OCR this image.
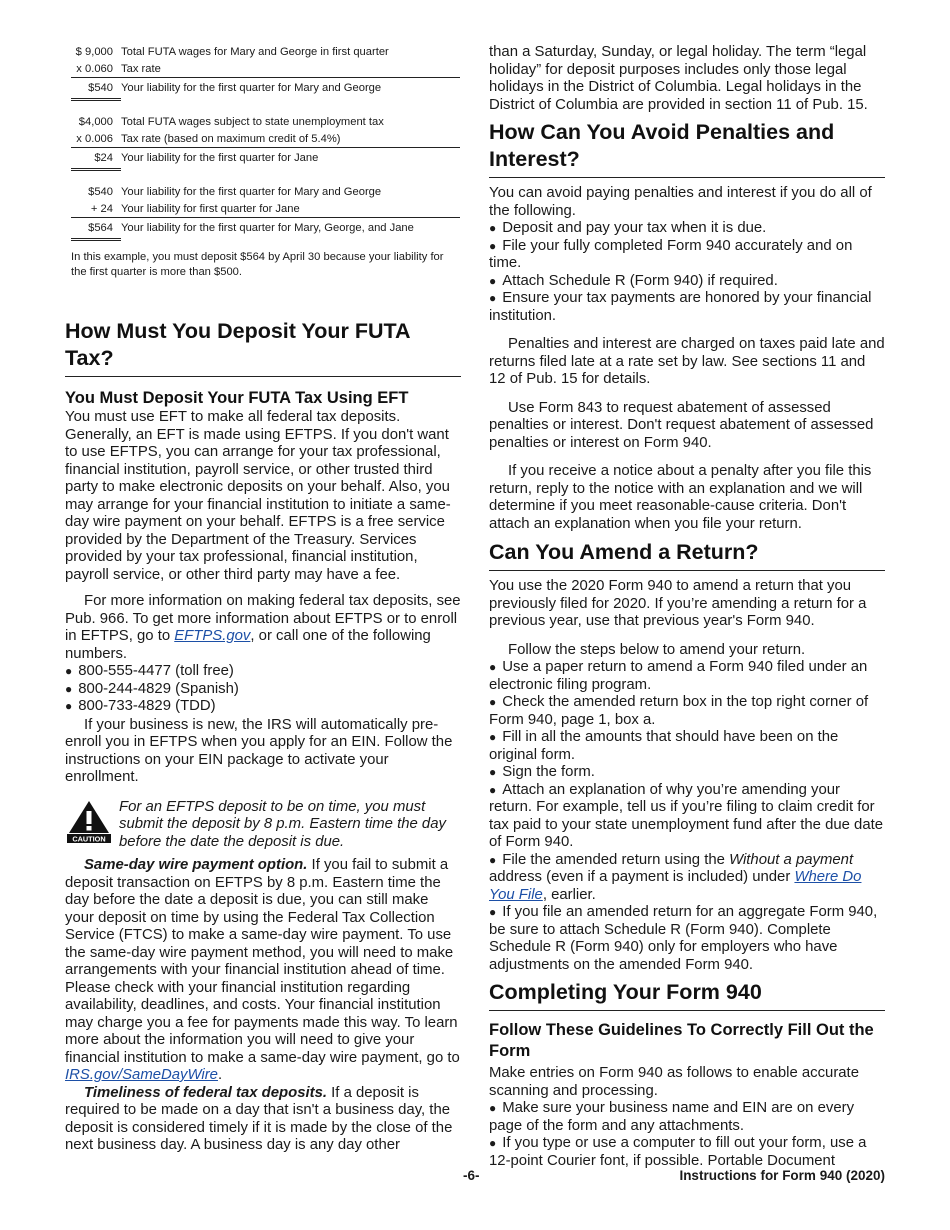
$ 9,000 Total FUTA wages for Mary and George in first quarter
x 0.060 Tax rate
$540 Your liability for the first quarter for Mary and George
$4,000 Total FUTA wages subject to state unemployment tax
x 0.006 Tax rate (based on maximum credit of 5.4%)
$24 Your liability for the first quarter for Jane
$540 Your liability for the first quarter for Mary and George
+ 24 Your liability for first quarter for Jane
$564 Your liability for the first quarter for Mary, George, and Jane
In this example, you must deposit $564 by April 30 because your liability for the first quarter is more than $500.
How Must You Deposit Your FUTA Tax?
You Must Deposit Your FUTA Tax Using EFT

You must use EFT to make all federal tax deposits. Generally, an EFT is made using EFTPS. If you don't want to use EFTPS, you can arrange for your tax professional, financial institution, payroll service, or other trusted third party to make electronic deposits on your behalf. Also, you may arrange for your financial institution to initiate a same-day wire payment on your behalf. EFTPS is a free service provided by the Department of the Treasury. Services provided by your tax professional, financial institution, payroll service, or other third party may have a fee.

For more information on making federal tax deposits, see Pub. 966. To get more information about EFTPS or to enroll in EFTPS, go to EFTPS.gov, or call one of the following numbers.

● 800-555-4477 (toll free)
● 800-244-4829 (Spanish)
● 800-733-4829 (TDD)

If your business is new, the IRS will automatically pre-enroll you in EFTPS when you apply for an EIN. Follow the instructions on your EIN package to activate your enrollment.

CAUTION
For an EFTPS deposit to be on time, you must submit the deposit by 8 p.m. Eastern time the day before the date the deposit is due.

Same-day wire payment option. If you fail to submit a deposit transaction on EFTPS by 8 p.m. Eastern time the day before the date a deposit is due, you can still make your deposit on time by using the Federal Tax Collection Service (FTCS) to make a same-day wire payment. To use the same-day wire payment method, you will need to make arrangements with your financial institution ahead of time. Please check with your financial institution regarding availability, deadlines, and costs. Your financial institution may charge you a fee for payments made this way. To learn more about the information you will need to give your financial institution to make a same-day wire payment, go to IRS.gov/SameDayWire.

Timeliness of federal tax deposits. If a deposit is required to be made on a day that isn't a business day, the deposit is considered timely if it is made by the close of the next business day. A business day is any day other

than a Saturday, Sunday, or legal holiday. The term “legal holiday” for deposit purposes includes only those legal holidays in the District of Columbia. Legal holidays in the District of Columbia are provided in section 11 of Pub. 15.

How Can You Avoid Penalties and Interest?

You can avoid paying penalties and interest if you do all of the following.

● Deposit and pay your tax when it is due.
● File your fully completed Form 940 accurately and on time.
● Attach Schedule R (Form 940) if required.
● Ensure your tax payments are honored by your financial institution.

Penalties and interest are charged on taxes paid late and returns filed late at a rate set by law. See sections 11 and 12 of Pub. 15 for details.

Use Form 843 to request abatement of assessed penalties or interest. Don't request abatement of assessed penalties or interest on Form 940.

If you receive a notice about a penalty after you file this return, reply to the notice with an explanation and we will determine if you meet reasonable-cause criteria. Don't attach an explanation when you file your return.

Can You Amend a Return?

You use the 2020 Form 940 to amend a return that you previously filed for 2020. If you’re amending a return for a previous year, use that previous year's Form 940.

Follow the steps below to amend your return.

● Use a paper return to amend a Form 940 filed under an electronic filing program.
● Check the amended return box in the top right corner of Form 940, page 1, box a.
● Fill in all the amounts that should have been on the original form.
● Sign the form.
● Attach an explanation of why you’re amending your return. For example, tell us if you’re filing to claim credit for tax paid to your state unemployment fund after the due date of Form 940.
● File the amended return using the Without a payment address (even if a payment is included) under Where Do You File, earlier.
● If you file an amended return for an aggregate Form 940, be sure to attach Schedule R (Form 940). Complete Schedule R (Form 940) only for employers who have adjustments on the amended Form 940.
Completing Your Form 940
Follow These Guidelines To Correctly Fill Out the Form

Make entries on Form 940 as follows to enable accurate scanning and processing.

● Make sure your business name and EIN are on every page of the form and any attachments.
● If you type or use a computer to fill out your form, use a 12-point Courier font, if possible. Portable Document
-6-	Instructions for Form 940 (2020)
